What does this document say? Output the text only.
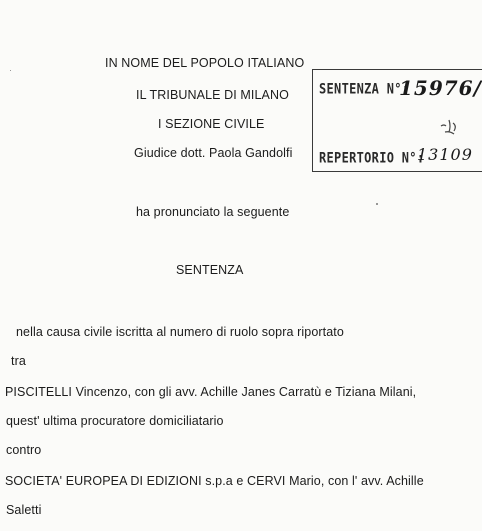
IN NOME DEL POPOLO ITALIANO
IL TRIBUNALE DI MILANO
I SEZIONE CIVILE
Giudice dott. Paola Gandolfi
SENTENZA N°:
15976/
REPERTORIO N°:
13109
ha pronunciato la seguente
SENTENZA
nella causa civile iscritta al numero di ruolo sopra riportato
tra
PISCITELLI Vincenzo, con gli avv. Achille Janes Carratù e Tiziana Milani,
quest' ultima procuratore domiciliatario
contro
SOCIETA' EUROPEA DI EDIZIONI s.p.a e CERVI Mario, con l' avv. Achille
Saletti
